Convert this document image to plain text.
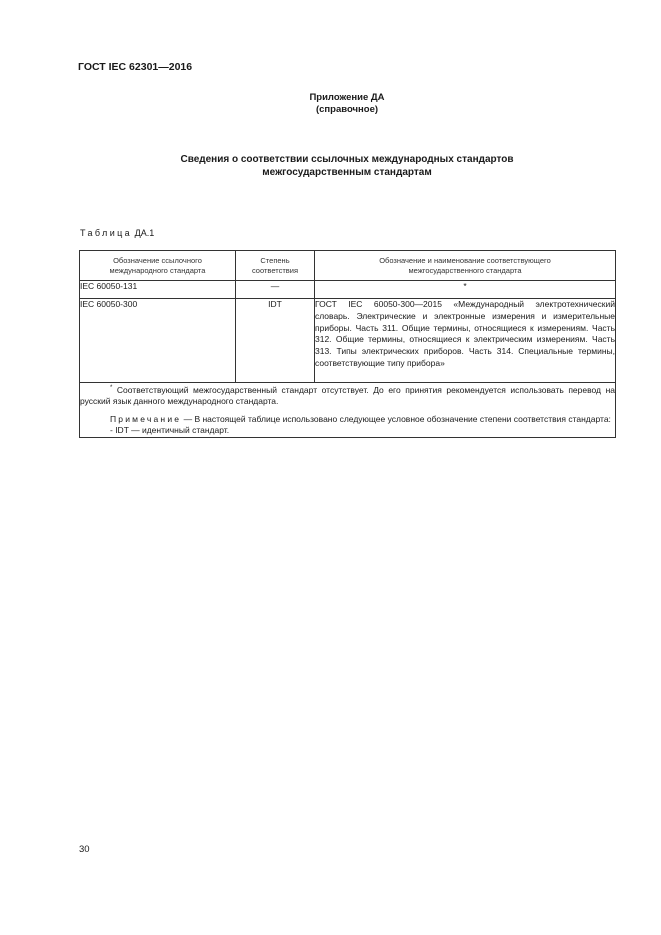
ГОСТ IEC 62301—2016
Приложение ДА
(справочное)
Сведения о соответствии ссылочных международных стандартов
межгосударственным стандартам
Таблица ДА.1
Обозначение ссылочного международного стандарта	Степень соответствия	Обозначение и наименование соответствующего межгосударственного стандарта
IEC 60050-131	—	*
IEC 60050-300	IDT	ГОСТ IEC 60050-300—2015 «Международный электротехнический словарь. Электрические и электронные измерения и измерительные приборы. Часть 311. Общие термины, относящиеся к измерениям. Часть 312. Общие термины, относящиеся к электрическим измерениям. Часть 313. Типы электрических приборов. Часть 314. Специальные термины, соответствующие типу прибора»

* Соответствующий межгосударственный стандарт отсутствует. До его принятия рекомендуется использовать перевод на русский язык данного международного стандарта.

Примечание — В настоящей таблице использовано следующее условное обозначение степени соответствия стандарта:

- IDT — идентичный стандарт.		

30
